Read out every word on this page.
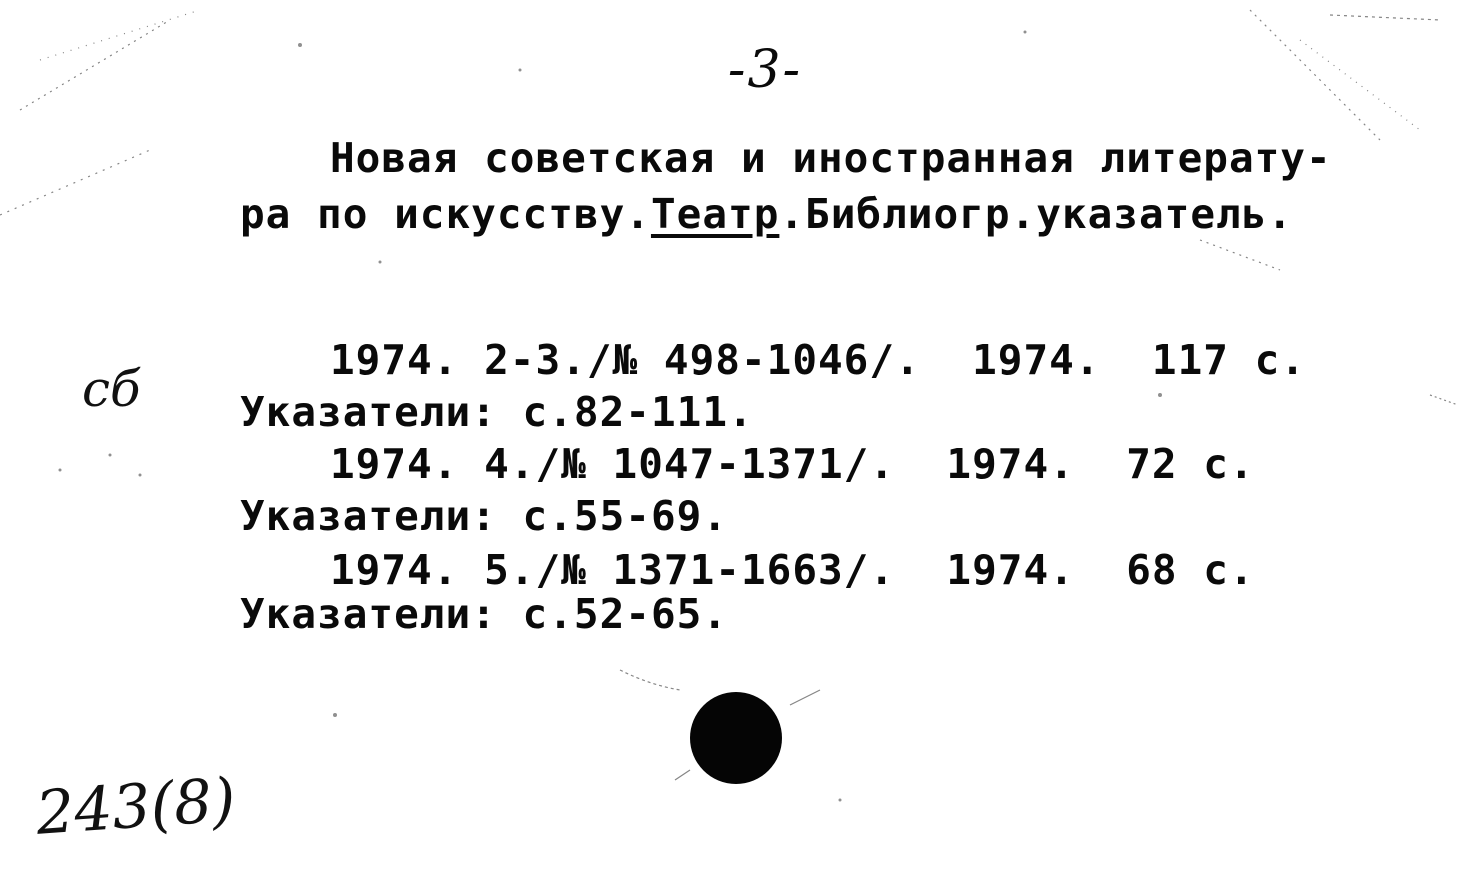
-3-
Новая советская и иностранная литерату-
ра по искусству.Театр.Библиогр.указатель.
1974. 2-3./№ 498-1046/.  1974.  117 с.
Указатели: с.82-111.
1974. 4./№ 1047-1371/.  1974.  72 с.
Указатели: с.55-69.
1974. 5./№ 1371-1663/.  1974.  68 с.
Указатели: с.52-65.
сб
243(8)
